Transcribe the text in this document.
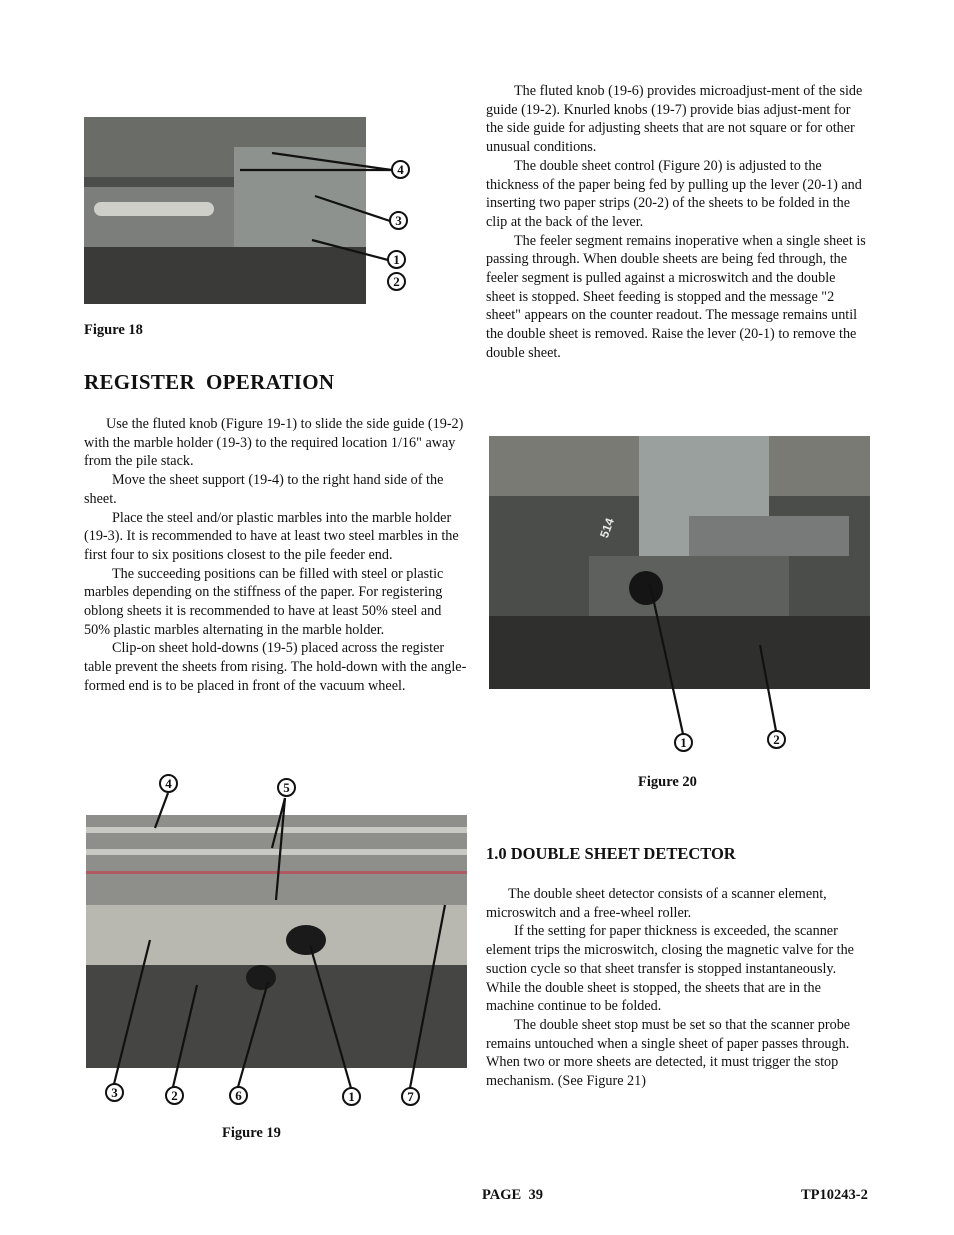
The fluted knob (19-6) provides microadjust-ment of the side guide (19-2). Knurled knobs (19-7) provide bias adjust-ment for the side guide for adjusting sheets that are not square or for other unusual conditions.

The double sheet control (Figure 20) is adjusted to the thickness of the paper being fed by pulling up the lever (20-1) and inserting two paper strips (20-2) of the sheets to be folded in the clip at the back of the lever.

The feeler segment remains inoperative when a single sheet is passing through. When double sheets are being fed through, the feeler segment is pulled against a microswitch and the double sheet is stopped. Sheet feeding is stopped and the message "2 sheet" appears on the counter readout. The message remains until the double sheet is removed. Raise the lever (20-1) to remove the double sheet.

4
3
1
2
Figure 18
REGISTER  OPERATION

Use the fluted knob (Figure 19-1) to slide the side guide (19-2) with the marble holder (19-3) to the required location 1/16" away from the pile stack.

Move the sheet support (19-4) to the right hand side of the sheet.

Place the steel and/or plastic marbles into the marble holder (19-3). It is recommended to have at least two steel marbles in the first four to six positions closest to the pile feeder end.

The succeeding positions can be filled with steel or plastic marbles depending on the stiffness of the paper. For registering oblong sheets it is recommended to have at least 50% steel and 50% plastic marbles alternating in the marble holder.

Clip-on sheet hold-downs (19-5) placed across the register table prevent the sheets from rising. The hold-down with the angle-formed end is to be placed in front of the vacuum wheel.

514
1	2
Figure 20
4	5
3	2	6	1	7
Figure 19
1.0 DOUBLE SHEET DETECTOR

The double sheet detector consists of a scanner element, microswitch and a free-wheel roller.

If the setting for paper thickness is exceeded, the scanner element trips the microswitch, closing the magnetic valve for the suction cycle so that sheet transfer is stopped instantaneously. While the double sheet is stopped, the sheets that are in the machine continue to be folded.

The double sheet stop must be set so that the scanner probe remains untouched when a single sheet of paper passes through. When two or more sheets are detected, it must trigger the stop mechanism. (See Figure 21)

PAGE  39	TP10243-2
